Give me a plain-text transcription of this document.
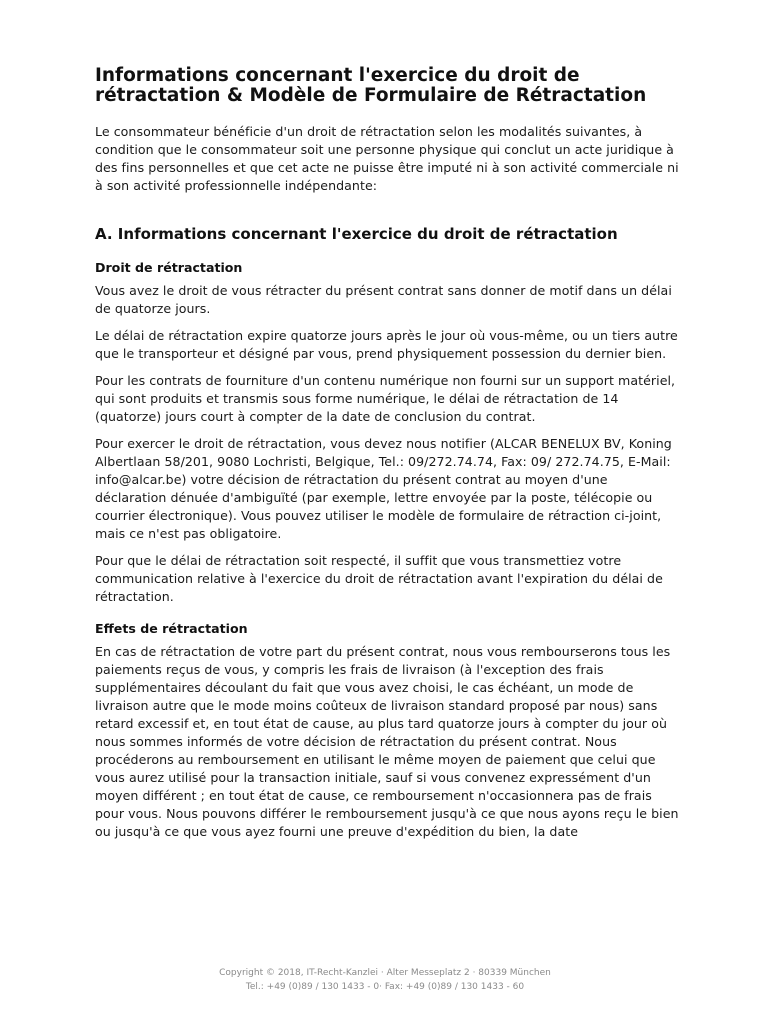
Informations concernant l'exercice du droit de rétractation & Modèle de Formulaire de Rétractation

Le consommateur bénéficie d'un droit de rétractation selon les modalités suivantes, à condition que le consommateur soit une personne physique qui conclut un acte juridique à des fins personnelles et que cet acte ne puisse être imputé ni à son activité commerciale ni à son activité professionnelle indépendante:

A. Informations concernant l'exercice du droit de rétractation
Droit de rétractation

Vous avez le droit de vous rétracter du présent contrat sans donner de motif dans un délai de quatorze jours.

Le délai de rétractation expire quatorze jours après le jour où vous-même, ou un tiers autre que le transporteur et désigné par vous, prend physiquement possession du dernier bien.

Pour les contrats de fourniture d'un contenu numérique non fourni sur un support matériel, qui sont produits et transmis sous forme numérique, le délai de rétractation de 14 (quatorze) jours court à compter de la date de conclusion du contrat.

Pour exercer le droit de rétractation, vous devez nous notifier (ALCAR BENELUX BV, Koning Albertlaan 58/201, 9080 Lochristi, Belgique, Tel.: 09/272.74.74, Fax: 09/ 272.74.75, E-Mail: info@alcar.be) votre décision de rétractation du présent contrat au moyen d'une déclaration dénuée d'ambiguïté (par exemple, lettre envoyée par la poste, télécopie ou courrier électronique). Vous pouvez utiliser le modèle de formulaire de rétraction ci-joint, mais ce n'est pas obligatoire.

Pour que le délai de rétractation soit respecté, il suffit que vous transmettiez votre communication relative à l'exercice du droit de rétractation avant l'expiration du délai de rétractation.

Effets de rétractation

En cas de rétractation de votre part du présent contrat, nous vous rembourserons tous les paiements reçus de vous, y compris les frais de livraison (à l'exception des frais supplémentaires découlant du fait que vous avez choisi, le cas échéant, un mode de livraison autre que le mode moins coûteux de livraison standard proposé par nous) sans retard excessif et, en tout état de cause, au plus tard quatorze jours à compter du jour où nous sommes informés de votre décision de rétractation du présent contrat. Nous procéderons au remboursement en utilisant le même moyen de paiement que celui que vous aurez utilisé pour la transaction initiale, sauf si vous convenez expressément d'un moyen différent ; en tout état de cause, ce remboursement n'occasionnera pas de frais pour vous. Nous pouvons différer le remboursement jusqu'à ce que nous ayons reçu le bien ou jusqu'à ce que vous ayez fourni une preuve d'expédition du bien, la date

Copyright © 2018, IT-Recht-Kanzlei · Alter Messeplatz 2 · 80339 München
Tel.: +49 (0)89 / 130 1433 - 0· Fax: +49 (0)89 / 130 1433 - 60
